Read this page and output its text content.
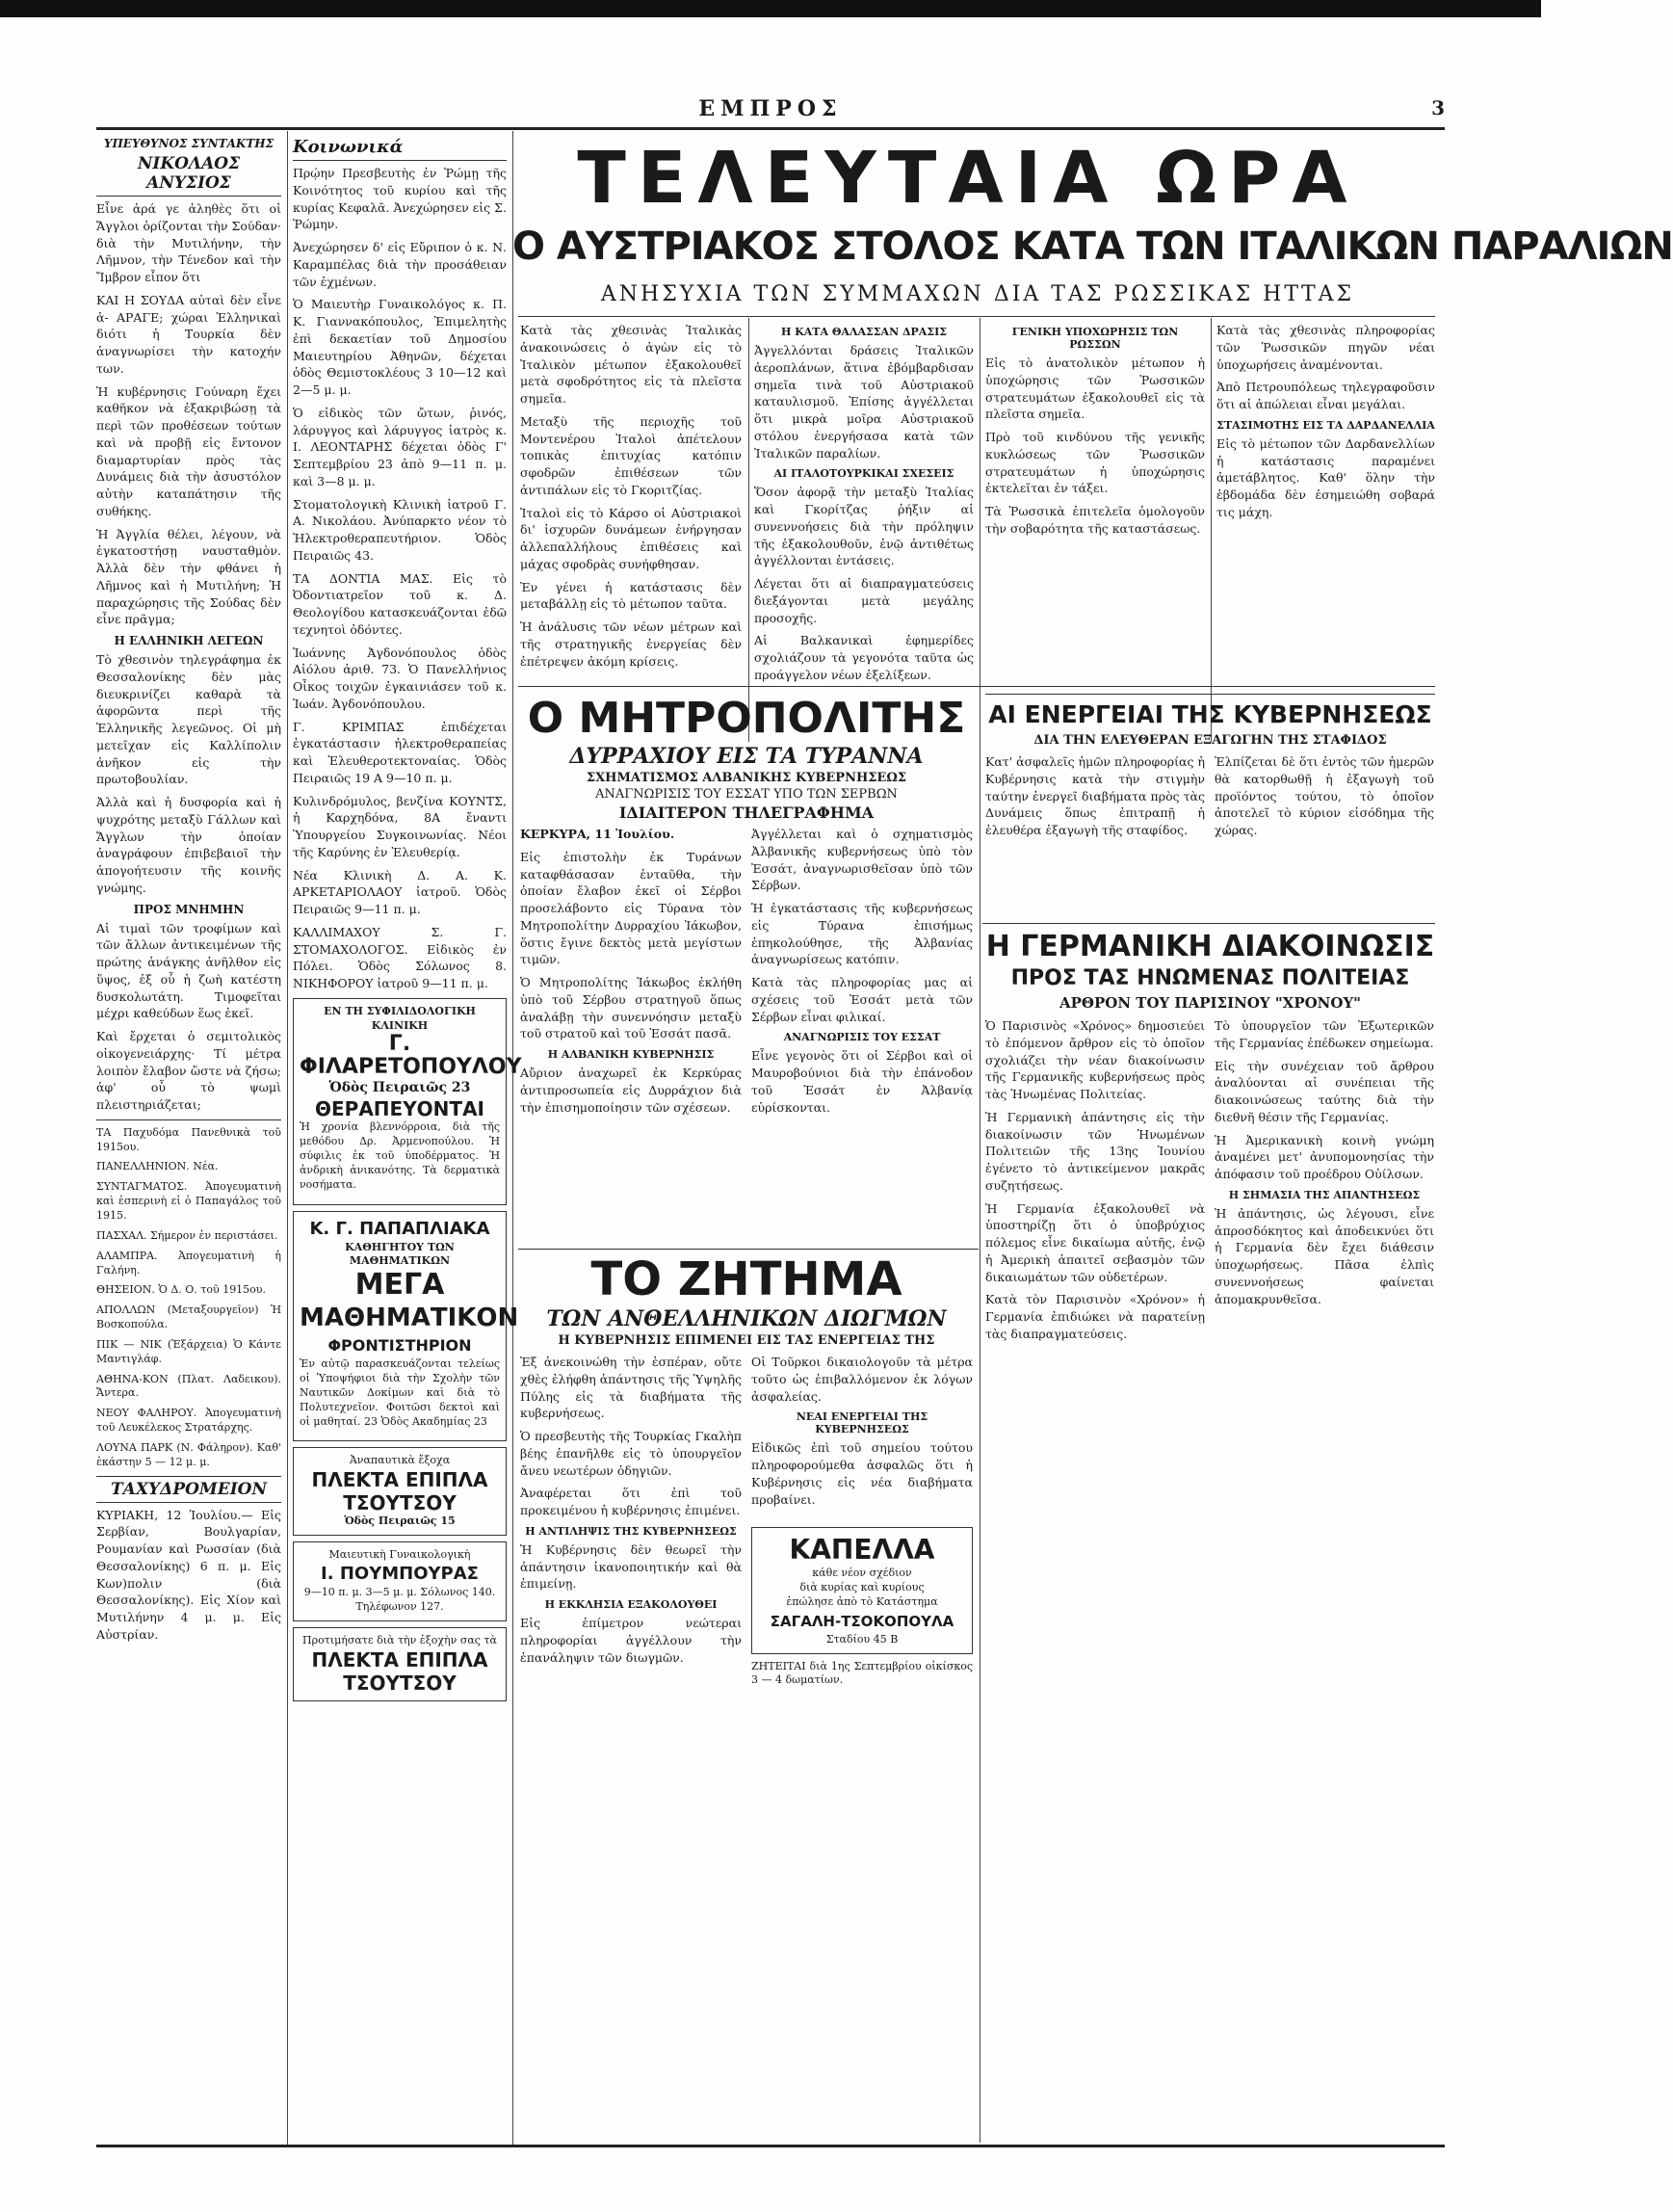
ΕΜΠΡΟΣ	3
ΥΠΕΥΘΥΝΟΣ ΣΥΝΤΑΚΤΗΣ
ΝΙΚΟΛΑΟΣ ΑΝΥΣΙΟΣ

Εἶνε ἀρά γε ἀληθὲς ὅτι οἱ Ἄγγλοι ὁρίζονται τὴν Σούδαν· διὰ τὴν Μυτιλήνην, τὴν Λῆμνον, τὴν Τένεδον καὶ τὴν Ἴμβρον εἶπον ὅτι

ΚΑΙ Η ΣΟΥΔΑ αὐταὶ δὲν εἶνε ἁ- ΑΡΑΓΕ; χώραι Ἑλληνικαὶ διότι ἡ Τουρκία δὲν ἀναγνωρίσει τὴν κατοχήν των.

Ἡ κυβέρνησις Γούναρη ἔχει καθῆκον νὰ ἐξακριβώσῃ τὰ περὶ τῶν προθέσεων τούτων καὶ νὰ προβῇ εἰς ἔντονον διαμαρτυρίαν πρὸς τὰς Δυνάμεις διὰ τὴν ἀσυστόλον αὐτὴν καταπάτησιν τῆς συθήκης.

Ἡ Ἀγγλία θέλει, λέγουν, νὰ ἐγκατοστήσῃ ναυσταθμὸν. Ἀλλὰ δὲν τὴν φθάνει ἡ Λῆμνος καὶ ἡ Μυτιλήνη; Ἡ παραχώρησις τῆς Σούδας δὲν εἶνε πρᾶγμα;

Η ΕΛΛΗΝΙΚΗ ΛΕΓΕΩΝ

Τὸ χθεσινὸν τηλεγράφημα ἐκ Θεσσαλονίκης δὲν μὰς διευκρινίζει καθαρὰ τὰ ἀφορῶντα περὶ τῆς Ἑλληνικῆς λεγεῶνος. Οἱ μὴ μετεῖχαν εἰς Καλλίπολιν ἀνῆκον εἰς τὴν πρωτοβουλίαν.

Ἀλλὰ καὶ ἡ δυσφορία καὶ ἡ ψυχρότης μεταξὺ Γάλλων καὶ Ἄγγλων τὴν ὁποίαν ἀναγράφουν ἐπιβεβαιοῖ τὴν ἀπογοήτευσιν τῆς κοινῆς γνώμης.

ΠΡΟΣ ΜΝΗΜΗΝ

Αἱ τιμαὶ τῶν τροφίμων καὶ τῶν ἄλλων ἀντικειμένων τῆς πρώτης ἀνάγκης ἀνῆλθον εἰς ὕψος, ἐξ οὗ ἡ ζωὴ κατέστη δυσκολωτάτη. Τιμοφεῖται μέχρι καθεύδων ἕως ἐκεῖ.

Καὶ ἔρχεται ὁ σεμιτολικὸς οἰκογενειάρχης· Τί μέτρα λοιπὸν ἔλαβον ὥστε νὰ ζήσω; ἀφ' οὗ τὸ ψωμὶ πλειστηριάζεται;

ΤΑ Παχυδόμα Πανεθνικὰ τοῦ 1915ου.

ΠΑΝΕΛΛΗΝΙΟΝ. Νέα.

ΣΥΝΤΑΓΜΑΤΟΣ. Ἀπογευματινὴ καὶ ἐσπερινὴ εἰ ὁ Παπαγάλος τοῦ 1915.

ΠΑΣΧΑΛ. Σήμερον ἐν περιστάσει.

ΑΛΑΜΠΡΑ. Ἀπογευματινὴ ἡ Γαλήνη.

ΘΗΣΕΙΟΝ. Ὁ Δ. Ο. τοῦ 1915ου.

ΑΠΟΛΛΩΝ (Μεταξουργεῖον) Ἡ Βοσκοπούλα.

ΠΙΚ — ΝΙΚ (Ἐξάρχεια) Ὁ Κάντε Μαντιγλάφ.

ΑΘΗΝΑ-ΚΟΝ (Πλατ. Λαδεικου). Ἄντερα.

ΝΕΟΥ ΦΑΛΗΡΟΥ. Ἀπογευματινὴ τοῦ Λευκέλεκος Στρατάρχης.

ΛΟΥΝΑ ΠΑΡΚ (Ν. Φάληρον). Καθ' ἑκάστην 5 — 12 μ. μ.

ΤΑΧΥΔΡΟΜΕΙΟΝ

ΚΥΡΙΑΚΗ, 12 Ἰουλίου.— Εἰς Σερβίαν, Βουλγαρίαν, Ρουμανίαν καὶ Ρωσσίαν (διὰ Θεσσαλονίκης) 6 π. μ. Εἰς Κων)πολιν (διὰ Θεσσαλονίκης). Εἰς Χίον καὶ Μυτιλήνην 4 μ. μ. Εἰς Αὐστρίαν.

Κοινωνικά

Πρῴην Πρεσβευτὴς ἐν Ῥώμῃ τῆς Κοινότητος τοῦ κυρίου καὶ τῆς κυρίας Κεφαλᾶ. Ἀνεχώρησεν εἰς Σ. Ῥώμην.

Ἀνεχώρησεν δ' εἰς Εὔριπον ὁ κ. Ν. Καραμπέλας διὰ τὴν προσάθειαν τῶν ἐχμένων.

Ὁ Μαιευτὴρ Γυναικολόγος κ. Π. Κ. Γιαννακόπουλος, Ἐπιμελητὴς ἐπὶ δεκαετίαν τοῦ Δημοσίου Μαιευτηρίου Ἀθηνῶν, δέχεται ὁδὸς Θεμιστοκλέους 3 10—12 καὶ 2—5 μ. μ.

Ὁ εἰδικὸς τῶν ὤτων, ῥινός, λάρυγγος καὶ λάρυγγος ἰατρὸς κ. Ι. ΛΕΟΝΤΑΡΗΣ δέχεται ὁδὸς Γ' Σεπτεμβρίου 23 ἀπὸ 9—11 π. μ. καὶ 3—8 μ. μ.

Στοματολογικὴ Κλινικὴ ἰατροῦ Γ. Α. Νικολάου. Ἀνύπαρκτο νέον τὸ Ἠλεκτροθεραπευτήριον. Ὁδὸς Πειραιῶς 43.

ΤΑ ΔΟΝΤΙΑ ΜΑΣ. Εἰς τὸ Ὀδοντιατρεῖον τοῦ κ. Δ. Θεολογίδου κατασκευάζονται ἐδῶ τεχνητοὶ ὀδόντες.

Ἰωάννης Ἀγδονόπουλος ὁδὸς Αἰόλου ἀριθ. 73. Ὁ Πανελλήνιος Οἶκος τοιχῶν ἐγκαινιάσεν τοῦ κ. Ἰωάν. Ἀγδονόπουλου.

Γ. ΚΡΙΜΠΑΣ ἐπιδέχεται ἐγκατάστασιν ἠλεκτροθεραπείας καὶ Ἐλευθεροτεκτοναίας. Ὁδὸς Πειραιῶς 19 Α 9—10 π. μ.

Κυλινδρόμυλος, βενζίνα ΚΟΥΝΤΣ, ἡ Καρχηδόνα, 8Α ἔναντι Ὑπουργείου Συγκοινωνίας. Νέοι τῆς Καρύνης ἐν Ἐλευθερίᾳ.

Νέα Κλινικὴ Δ. Α. Κ. ΑΡΚΕΤΑΡΙΟΛΑΟΥ ἰατροῦ. Ὁδὸς Πειραιῶς 9—11 π. μ.

ΚΑΛΛΙΜΑΧΟΥ Σ. Γ. ΣΤΟΜΑΧΟΛΟΓΟΣ. Εἰδικὸς ἐν Πόλει. Ὁδὸς Σόλωνος 8. ΝΙΚΗΦΟΡΟΥ ἰατροῦ 9—11 π. μ.

ΕΝ ΤΗ ΣΥΦΙΛΙΔΟΛΟΓΙΚΗ ΚΛΙΝΙΚΗ
Γ. ΦΙΛΑΡΕΤΟΠΟΥΛΟΥ
Ὁδὸς Πειραιῶς 23
ΘΕΡΑΠΕΥΟΝΤΑΙ

Ἡ χρονία βλεννόρροια, διὰ τῆς μεθόδου Δρ. Ἀρμενοπούλου. Ἡ σύφιλις ἐκ τοῦ ὑποδέρματος. Ἡ ἀνδρικὴ ἀνικανότης. Τὰ δερματικὰ νοσήματα.

Κ. Γ. ΠΑΠΑΠΛΙΑΚΑ
ΚΑΘΗΓΗΤΟΥ ΤΩΝ ΜΑΘΗΜΑΤΙΚΩΝ
ΜΕΓΑ
ΜΑΘΗΜΑΤΙΚΟΝ
ΦΡΟΝΤΙΣΤΗΡΙΟΝ

Ἐν αὐτῷ παρασκευάζονται τελείως οἱ Ὑποψήφιοι διὰ τὴν Σχολὴν τῶν Ναυτικῶν Δοκίμων καὶ διὰ τὸ Πολυτεχνεῖον. Φοιτῶσι δεκτοὶ καὶ οἱ μαθηταί. 23 Ὁδὸς Ακαδημίας 23

Ἀναπαυτικὰ ἔξοχα
ΠΛΕΚΤΑ ΕΠΙΠΛΑ ΤΣΟΥΤΣΟΥ
Ὁδὸς Πειραιῶς 15
Μαιευτικὴ Γυναικολογικὴ
Ι. ΠΟΥΜΠΟΥΡΑΣ
9—10 π. μ. 3—5 μ. μ. Σόλωνος 140. Τηλέφωνον 127.
Προτιμήσατε διὰ τὴν ἐξοχὴν σας τὰ
ΠΛΕΚΤΑ ΕΠΙΠΛΑ ΤΣΟΥΤΣΟΥ
ΤΕΛΕΥΤΑΙΑ ΩΡΑ
Ο ΑΥΣΤΡΙΑΚΟΣ ΣΤΟΛΟΣ ΚΑΤΑ ΤΩΝ ΙΤΑΛΙΚΩΝ ΠΑΡΑΛΙΩΝ
ΑΝΗΣΥΧΙΑ ΤΩΝ ΣΥΜΜΑΧΩΝ ΔΙΑ ΤΑΣ ΡΩΣΣΙΚΑΣ ΗΤΤΑΣ

Κατὰ τὰς χθεσινὰς Ἰταλικὰς ἀνακοινώσεις ὁ ἀγὼν εἰς τὸ Ἰταλικὸν μέτωπον ἐξακολουθεῖ μετὰ σφοδρότητος εἰς τὰ πλεῖστα σημεῖα.

Μεταξὺ τῆς περιοχῆς τοῦ Μοντενέρου Ἰταλοὶ ἀπέτελουν τοπικὰς ἐπιτυχίας κατόπιν σφοδρῶν ἐπιθέσεων τῶν ἀντιπάλων εἰς τὸ Γκοριτζίας.

Ἰταλοὶ εἰς τὸ Κάρσο οἱ Αὐστριακοὶ δι' ἰσχυρῶν δυνάμεων ἐνήργησαν ἀλλεπαλλήλους ἐπιθέσεις καὶ μάχας σφοδρὰς συνήφθησαν.

Ἐν γένει ἡ κατάστασις δὲν μεταβάλλῃ εἰς τὸ μέτωπον ταῦτα.

Ἡ ἀνάλυσις τῶν νέων μέτρων καὶ τῆς στρατηγικῆς ἐνεργείας δὲν ἐπέτρεψεν ἀκόμη κρίσεις.

Η ΚΑΤΑ ΘΑΛΑΣΣΑΝ ΔΡΑΣΙΣ

Ἀγγελλόνται δράσεις Ἰταλικῶν ἀεροπλάνων, ἅτινα ἐβόμβαρδισαν σημεῖα τινὰ τοῦ Αὐστριακοῦ καταυλισμοῦ. Ἐπίσης ἀγγέλλεται ὅτι μικρὰ μοῖρα Αὐστριακοῦ στόλου ἐνεργήσασα κατὰ τῶν Ἰταλικῶν παραλίων.

ΑΙ ΙΤΑΛΟΤΟΥΡΚΙΚΑΙ ΣΧΕΣΕΙΣ

Ὅσον ἀφορᾷ τὴν μεταξὺ Ἰταλίας καὶ Γκορίτζας ῥήξιν αἱ συνεννοήσεις διὰ τὴν πρόληψιν τῆς ἐξακολουθοῦν, ἐνῷ ἀντιθέτως ἀγγέλλονται ἐντάσεις.

Λέγεται ὅτι αἱ διαπραγματεύσεις διεξάγονται μετὰ μεγάλης προσοχῆς.

Αἱ Βαλκανικαὶ ἐφημερίδες σχολιάζουν τὰ γεγονότα ταῦτα ὡς προάγγελον νέων ἐξελίξεων.

ΓΕΝΙΚΗ ΥΠΟΧΩΡΗΣΙΣ ΤΩΝ ΡΩΣΣΩΝ

Εἰς τὸ ἀνατολικὸν μέτωπον ἡ ὑποχώρησις τῶν Ῥωσσικῶν στρατευμάτων ἐξακολουθεῖ εἰς τὰ πλεῖστα σημεῖα.

Πρὸ τοῦ κινδύνου τῆς γενικῆς κυκλώσεως τῶν Ῥωσσικῶν στρατευμάτων ἡ ὑποχώρησις ἐκτελεῖται ἐν τάξει.

Τὰ Ῥωσσικὰ ἐπιτελεῖα ὁμολογοῦν τὴν σοβαρότητα τῆς καταστάσεως.

Κατὰ τὰς χθεσινὰς πληροφορίας τῶν Ῥωσσικῶν πηγῶν νέαι ὑποχωρήσεις ἀναμένονται.

Ἀπὸ Πετρουπόλεως τηλεγραφοῦσιν ὅτι αἱ ἀπώλειαι εἶναι μεγάλαι.

ΣΤΑΣΙΜΟΤΗΣ ΕΙΣ ΤΑ ΔΑΡΔΑΝΕΛΛΙΑ

Εἰς τὸ μέτωπον τῶν Δαρδανελλίων ἡ κατάστασις παραμένει ἀμετάβλητος. Καθ' ὅλην τὴν ἑβδομάδα δὲν ἐσημειώθη σοβαρά τις μάχη.

Ο ΜΗΤΡΟΠΟΛΙΤΗΣ
ΔΥΡΡΑΧΙΟΥ ΕΙΣ ΤΑ ΤΥΡΑΝΝΑ
ΣΧΗΜΑΤΙΣΜΟΣ ΑΛΒΑΝΙΚΗΣ ΚΥΒΕΡΝΗΣΕΩΣ
ΑΝΑΓΝΩΡΙΣΙΣ ΤΟΥ ΕΣΣΑΤ ΥΠΟ ΤΩΝ ΣΕΡΒΩΝ
ΙΔΙΑΙΤΕΡΟΝ ΤΗΛΕΓΡΑΦΗΜΑ

ΚΕΡΚΥΡΑ, 11 Ἰουλίου.

Εἰς ἐπιστολὴν ἐκ Τυράνων καταφθάσασαν ἐνταῦθα, τὴν ὁποίαν ἔλαβον ἐκεῖ οἱ Σέρβοι προσελάβοντο εἰς Τύρανα τὸν Μητροπολίτην Δυρραχίου Ἰάκωβον, ὅστις ἔγινε δεκτὸς μετὰ μεγίστων τιμῶν.

Ὁ Μητροπολίτης Ἰάκωβος ἐκλήθη ὑπὸ τοῦ Σέρβου στρατηγοῦ ὅπως ἀναλάβῃ τὴν συνεννόησιν μεταξὺ τοῦ στρατοῦ καὶ τοῦ Ἐσσάτ πασᾶ.

Η ΑΛΒΑΝΙΚΗ ΚΥΒΕΡΝΗΣΙΣ

Αὔριον ἀναχωρεῖ ἐκ Κερκύρας ἀντιπροσωπεία εἰς Δυρράχιον διὰ τὴν ἐπισημοποίησιν τῶν σχέσεων.

Ἀγγέλλεται καὶ ὁ σχηματισμὸς Ἀλβανικῆς κυβερνήσεως ὑπὸ τὸν Ἐσσάτ, ἀναγνωρισθεῖσαν ὑπὸ τῶν Σέρβων.

Ἡ ἐγκατάστασις τῆς κυβερνήσεως εἰς Τύρανα ἐπισήμως ἐπηκολούθησε, τῆς Ἀλβανίας ἀναγνωρίσεως κατόπιν.

Κατὰ τὰς πληροφορίας μας αἱ σχέσεις τοῦ Ἐσσάτ μετὰ τῶν Σέρβων εἶναι φιλικαί.

ΑΝΑΓΝΩΡΙΣΙΣ ΤΟΥ ΕΣΣΑΤ

Εἶνε γεγονὸς ὅτι οἱ Σέρβοι καὶ οἱ Μαυροβούνιοι διὰ τὴν ἐπάνοδον τοῦ Ἐσσάτ ἐν Ἀλβανίᾳ εὑρίσκονται.

ΤΟ ΖΗΤΗΜΑ
ΤΩΝ ΑΝΘΕΛΛΗΝΙΚΩΝ ΔΙΩΓΜΩΝ
Η ΚΥΒΕΡΝΗΣΙΣ ΕΠΙΜΕΝΕΙ ΕΙΣ ΤΑΣ ΕΝΕΡΓΕΙΑΣ ΤΗΣ

Ἐξ ἀνεκοινώθη τὴν ἑσπέραν, οὔτε χθὲς ἐλήφθη ἀπάντησις τῆς Ὑψηλῆς Πύλης εἰς τὰ διαβήματα τῆς κυβερνήσεως.

Ὁ πρεσβευτὴς τῆς Τουρκίας Γκαλὴπ βέης ἐπανῆλθε εἰς τὸ ὑπουργεῖον ἄνευ νεωτέρων ὁδηγιῶν.

Ἀναφέρεται ὅτι ἐπὶ τοῦ προκειμένου ἡ κυβέρνησις ἐπιμένει.

Η ΑΝΤΙΛΗΨΙΣ ΤΗΣ ΚΥΒΕΡΝΗΣΕΩΣ

Ἡ Κυβέρνησις δὲν θεωρεῖ τὴν ἀπάντησιν ἱκανοποιητικήν καὶ θὰ ἐπιμείνῃ.

Η ΕΚΚΛΗΣΙΑ ΕΞΑΚΟΛΟΥΘΕΙ

Εἰς ἐπίμετρον νεώτεραι πληροφορίαι ἀγγέλλουν τὴν ἐπανάληψιν τῶν διωγμῶν.

Οἱ Τοῦρκοι δικαιολογοῦν τὰ μέτρα τοῦτο ὡς ἐπιβαλλόμενον ἐκ λόγων ἀσφαλείας.

ΝΕΑΙ ΕΝΕΡΓΕΙΑΙ ΤΗΣ ΚΥΒΕΡΝΗΣΕΩΣ

Εἰδικῶς ἐπὶ τοῦ σημείου τούτου πληροφορούμεθα ἀσφαλῶς ὅτι ἡ Κυβέρνησις εἰς νέα διαβήματα προβαίνει.

ΚΑΠΕΛΛΑ
κάθε νέον σχέδιον
διὰ κυρίας καὶ κυρίους
ἐπώλησε ἀπὸ τὸ Κατάστημα
ΣΑΓΑΛΗ-ΤΣΟΚΟΠΟΥΛΑ
Σταδίου 45 Β

ΖΗΤΕΙΤΑΙ διὰ 1ης Σεπτεμβρίου οἰκίσκος 3 — 4 δωματίων.

ΑΙ ΕΝΕΡΓΕΙΑΙ ΤΗΣ ΚΥΒΕΡΝΗΣΕΩΣ
ΔΙΑ ΤΗΝ ΕΛΕΥΘΕΡΑΝ ΕΞΑΓΩΓΗΝ ΤΗΣ ΣΤΑΦΙΔΟΣ

Κατ' ἀσφαλεῖς ἡμῶν πληροφορίας ἡ Κυβέρνησις κατὰ τὴν στιγμὴν ταύτην ἐνεργεῖ διαβήματα πρὸς τὰς Δυνάμεις ὅπως ἐπιτραπῇ ἡ ἐλευθέρα ἐξαγωγὴ τῆς σταφίδος.

Ἐλπίζεται δὲ ὅτι ἐντὸς τῶν ἡμερῶν θὰ κατορθωθῇ ἡ ἐξαγωγὴ τοῦ προϊόντος τούτου, τὸ ὁποῖον ἀποτελεῖ τὸ κύριον εἰσόδημα τῆς χώρας.

Η ΓΕΡΜΑΝΙΚΗ ΔΙΑΚΟΙΝΩΣΙΣ
ΠΡΟΣ ΤΑΣ ΗΝΩΜΕΝΑΣ ΠΟΛΙΤΕΙΑΣ
ΑΡΘΡΟΝ ΤΟΥ ΠΑΡΙΣΙΝΟΥ "ΧΡΟΝΟΥ"

Ὁ Παρισινὸς «Χρόνος» δημοσιεύει τὸ ἑπόμενον ἄρθρον εἰς τὸ ὁποῖον σχολιάζει τὴν νέαν διακοίνωσιν τῆς Γερμανικῆς κυβερνήσεως πρὸς τὰς Ἡνωμένας Πολιτείας.

Ἡ Γερμανικὴ ἀπάντησις εἰς τὴν διακοίνωσιν τῶν Ἡνωμένων Πολιτειῶν τῆς 13ης Ἰουνίου ἐγένετο τὸ ἀντικείμενον μακρᾶς συζητήσεως.

Ἡ Γερμανία ἐξακολουθεῖ νὰ ὑποστηρίζῃ ὅτι ὁ ὑποβρύχιος πόλεμος εἶνε δικαίωμα αὐτῆς, ἐνῷ ἡ Ἀμερικὴ ἀπαιτεῖ σεβασμὸν τῶν δικαιωμάτων τῶν οὐδετέρων.

Κατὰ τὸν Παρισινὸν «Χρόνον» ἡ Γερμανία ἐπιδιώκει νὰ παρατείνῃ τὰς διαπραγματεύσεις.

Τὸ ὑπουργεῖον τῶν Ἐξωτερικῶν τῆς Γερμανίας ἐπέδωκεν σημείωμα.

Εἰς τὴν συνέχειαν τοῦ ἄρθρου ἀναλύονται αἱ συνέπειαι τῆς διακοινώσεως ταύτης διὰ τὴν διεθνῆ θέσιν τῆς Γερμανίας.

Ἡ Ἀμερικανικὴ κοινὴ γνώμη ἀναμένει μετ' ἀνυπομονησίας τὴν ἀπόφασιν τοῦ προέδρου Οὐίλσων.

Η ΣΗΜΑΣΙΑ ΤΗΣ ΑΠΑΝΤΗΣΕΩΣ

Ἡ ἀπάντησις, ὡς λέγουσι, εἶνε ἀπροσδόκητος καὶ ἀποδεικνύει ὅτι ἡ Γερμανία δὲν ἔχει διάθεσιν ὑποχωρήσεως. Πᾶσα ἐλπὶς συνεννοήσεως φαίνεται ἀπομακρυνθεῖσα.
